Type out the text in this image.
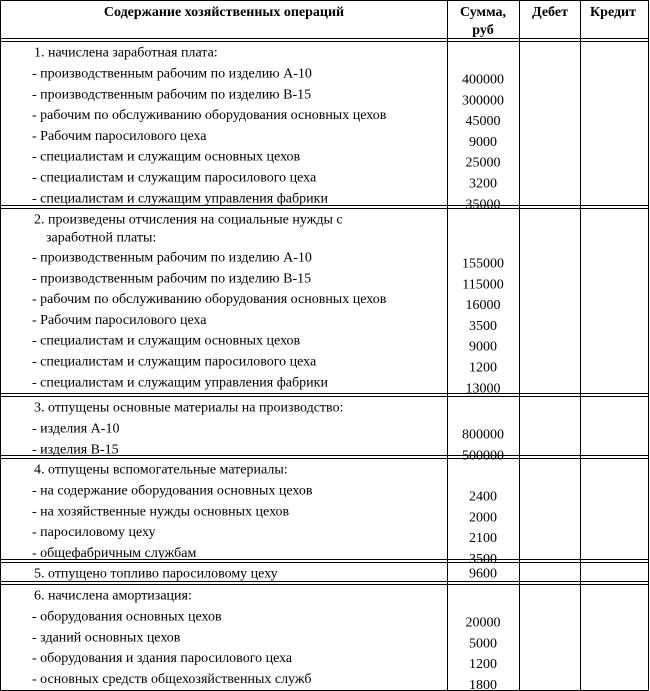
Содержание хозяйственных операций	Сумма,
руб
Дебет Кредит
1. начислена заработная плата:
- производственным рабочим по изделию А-10	400000
- производственным рабочим по изделию В-15	300000
- рабочим по обслуживанию оборудования основных цехов	45000
- Рабочим паросилового цеха	9000
- специалистам и служащим основных цехов	25000
- специалистам и служащим паросилового цеха	3200
- специалистам и служащим управления фабрики	35000
2. произведены отчисления на социальные нужды с
заработной платы:
- производственным рабочим по изделию А-10	155000
- производственным рабочим по изделию В-15	115000
- рабочим по обслуживанию оборудования основных цехов	16000
- Рабочим паросилового цеха	3500
- специалистам и служащим основных цехов	9000
- специалистам и служащим паросилового цеха	1200
- специалистам и служащим управления фабрики	13000
3. отпущены основные материалы на производство:
- изделия А-10	800000
- изделия В-15	500000
4. отпущены вспомогательные материалы:
- на содержание оборудования основных цехов	2400
- на хозяйственные нужды основных цехов	2000
- паросиловому цеху	2100
- общефабричным службам	3500
5. отпущено топливо паросиловому цеху	9600
6. начислена амортизация:
- оборудования основных цехов	20000
- зданий основных цехов	5000
- оборудования и здания паросилового цеха	1200
- основных средств общехозяйственных служб	1800
